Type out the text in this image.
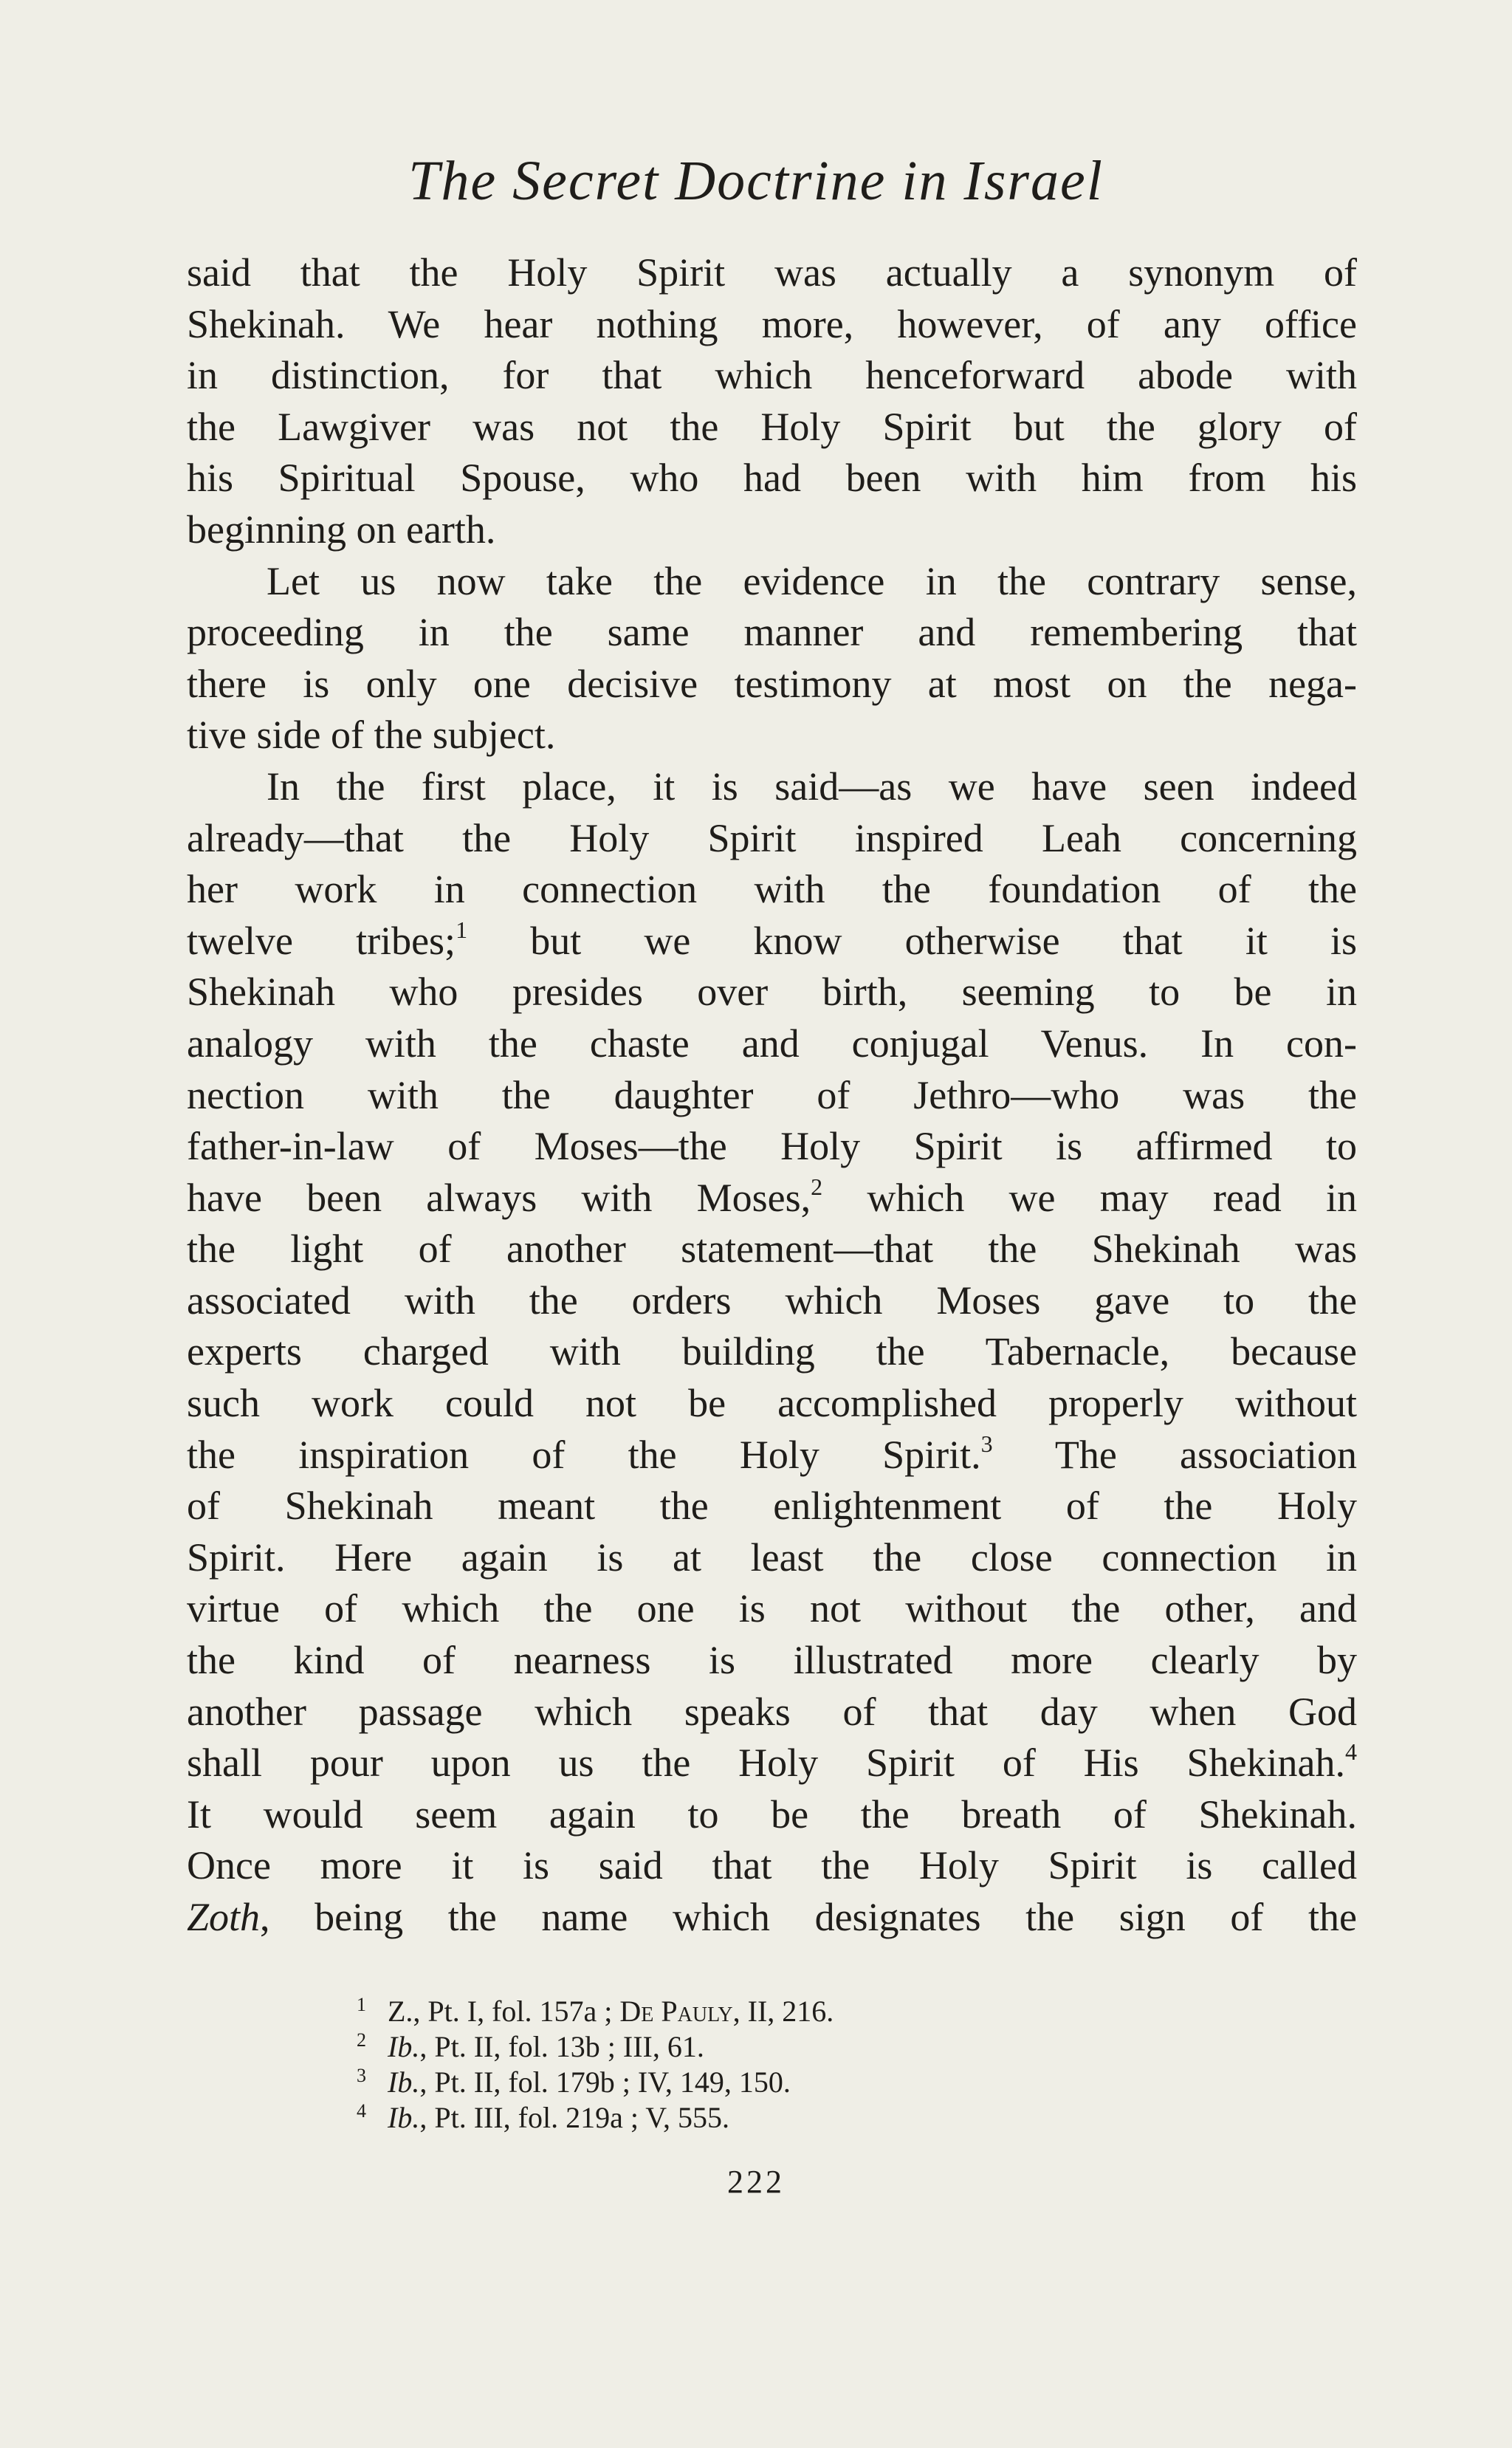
The Secret Doctrine in Israel
said that the Holy Spirit was actually a synonym of
Shekinah. We hear nothing more, however, of any office
in distinction, for that which henceforward abode with
the Lawgiver was not the Holy Spirit but the glory of
his Spiritual Spouse, who had been with him from his
beginning on earth.
Let us now take the evidence in the contrary sense,
proceeding in the same manner and remembering that
there is only one decisive testimony at most on the nega-
tive side of the subject.
In the first place, it is said—as we have seen indeed
already—that the Holy Spirit inspired Leah concerning
her work in connection with the foundation of the
twelve tribes;$^1$ but we know otherwise that it is
Shekinah who presides over birth, seeming to be in
analogy with the chaste and conjugal Venus. In con-
nection with the daughter of Jethro—who was the
father-in-law of Moses—the Holy Spirit is affirmed to
have been always with Moses,$^2$ which we may read in
the light of another statement—that the Shekinah was
associated with the orders which Moses gave to the
experts charged with building the Tabernacle, because
such work could not be accomplished properly without
the inspiration of the Holy Spirit.$^3$ The association
of Shekinah meant the enlightenment of the Holy
Spirit. Here again is at least the close connection in
virtue of which the one is not without the other, and
the kind of nearness is illustrated more clearly by
another passage which speaks of that day when God
shall pour upon us the Holy Spirit of His Shekinah.$^4$
It would seem again to be the breath of Shekinah.
Once more it is said that the Holy Spirit is called
Zoth, being the name which designates the sign of the
1 Z., Pt. I, fol. 157a ; De Pauly, II, 216.
2 Ib., Pt. II, fol. 13b ; III, 61.
3 Ib., Pt. II, fol. 179b ; IV, 149, 150.
4 Ib., Pt. III, fol. 219a ; V, 555.
222
